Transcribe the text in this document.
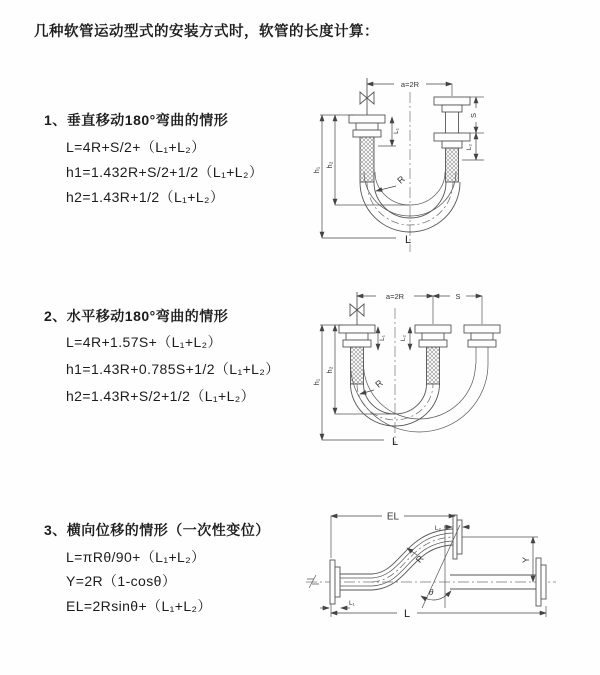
几种软管运动型式的安装方式时，软管的长度计算：
1、垂直移动180°弯曲的情形
L=4R+S/2+（L₁+L₂）
h1=1.432R+S/2+1/2（L₁+L₂）
h2=1.43R+1/2（L₁+L₂）
a=2R
h₁
h₂
L₁
S
L₂
R
L
2、水平移动180°弯曲的情形
L=4R+1.57S+（L₁+L₂）
h1=1.43R+0.785S+1/2（L₁+L₂）
h2=1.43R+S/2+1/2（L₁+L₂）
a=2R	S
h₁
h₂
L₁ L₂
R
L
3、横向位移的情形（一次性变位）
L=πRθ/90+（L₁+L₂）
Y=2R（1-cosθ）
EL=2Rsinθ+（L₁+L₂）
EL
L₂
Y
θ
R
L
L₁
